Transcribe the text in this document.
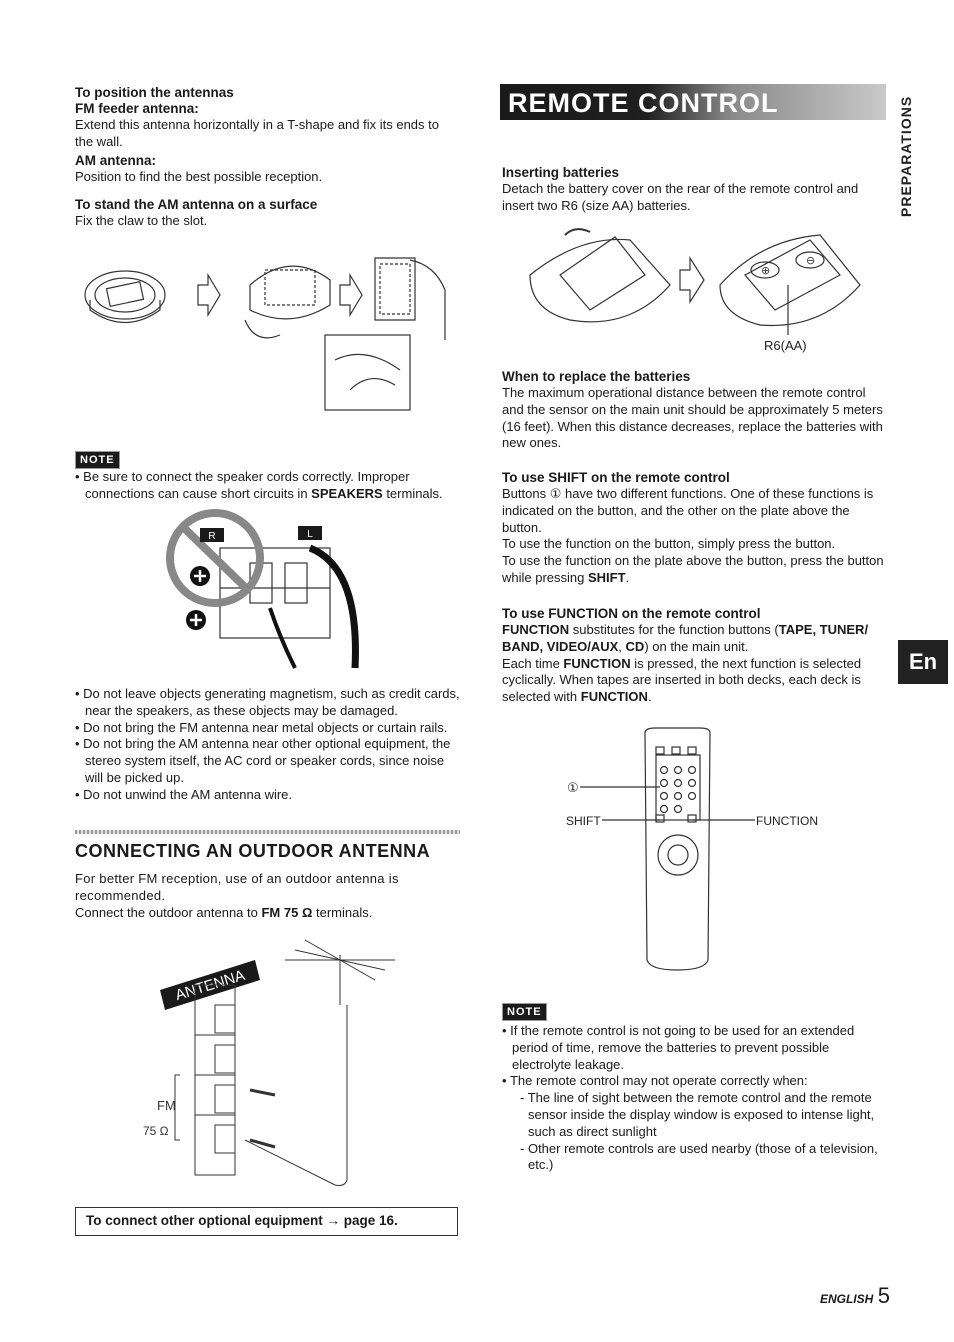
To position the antennas

FM feeder antenna:

Extend this antenna horizontally in a T-shape and fix its ends to the wall.

AM antenna:

Position to find the best possible reception.

To stand the AM antenna on a surface

Fix the claw to the slot.

NOTE
• Be sure to connect the speaker cords correctly. Improper connections can cause short circuits in SPEAKERS terminals.
R	L
• Do not leave objects generating magnetism, such as credit cards, near the speakers, as these objects may be damaged.
• Do not bring the FM antenna near metal objects or curtain rails.
• Do not bring the AM antenna near other optional equipment, the stereo system itself, the AC cord or speaker cords, since noise will be picked up.
• Do not unwind the AM antenna wire.
CONNECTING AN OUTDOOR ANTENNA

For better FM reception, use of an outdoor antenna is recommended.

Connect the outdoor antenna to FM 75 Ω terminals.

ANTENNA
FM
75 Ω
To connect other optional equipment → page 16.
REMOTE CONTROL	PREPARATIONS
En

Inserting batteries

Detach the battery cover on the rear of the remote control and insert two R6 (size AA) batteries.

⊕
⊖
R6(AA)

When to replace the batteries

The maximum operational distance between the remote control and the sensor on the main unit should be approximately 5 meters (16 feet). When this distance decreases, replace the batteries with new ones.

To use SHIFT on the remote control

Buttons ① have two different functions. One of these functions is indicated on the button, and the other on the plate above the button.

To use the function on the button, simply press the button.

To use the function on the plate above the button, press the button while pressing SHIFT.

To use FUNCTION on the remote control

FUNCTION substitutes for the function buttons (TAPE, TUNER/ BAND, VIDEO/AUX, CD) on the main unit.

Each time FUNCTION is pressed, the next function is selected cyclically. When tapes are inserted in both decks, each deck is selected with FUNCTION.

①
SHIFT	FUNCTION
NOTE
• If the remote control is not going to be used for an extended period of time, remove the batteries to prevent possible electrolyte leakage.
• The remote control may not operate correctly when:
- The line of sight between the remote control and the remote sensor inside the display window is exposed to intense light, such as direct sunlight
- Other remote controls are used nearby (those of a television, etc.)
ENGLISH 5
